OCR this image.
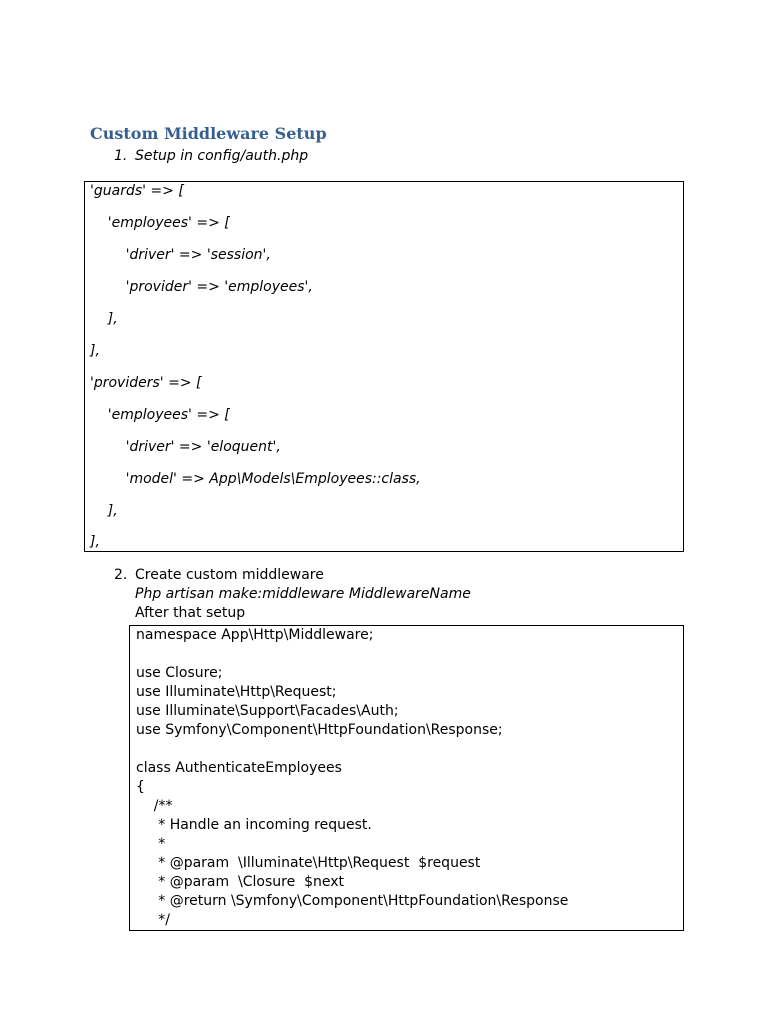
Custom Middleware Setup
1. Setup in config/auth.php
'guards' => [
'employees' => [
'driver' => 'session',
'provider' => 'employees',
],
],
'providers' => [
'employees' => [
'driver' => 'eloquent',
'model' => App\Models\Employees::class,
],
],
2. Create custom middleware
Php artisan make:middleware MiddlewareName
After that setup
namespace App\Http\Middleware;
use Closure;
use Illuminate\Http\Request;
use Illuminate\Support\Facades\Auth;
use Symfony\Component\HttpFoundation\Response;
class AuthenticateEmployees
{
/**
* Handle an incoming request.
*
* @param  \Illuminate\Http\Request  $request
* @param  \Closure  $next
* @return \Symfony\Component\HttpFoundation\Response
*/
